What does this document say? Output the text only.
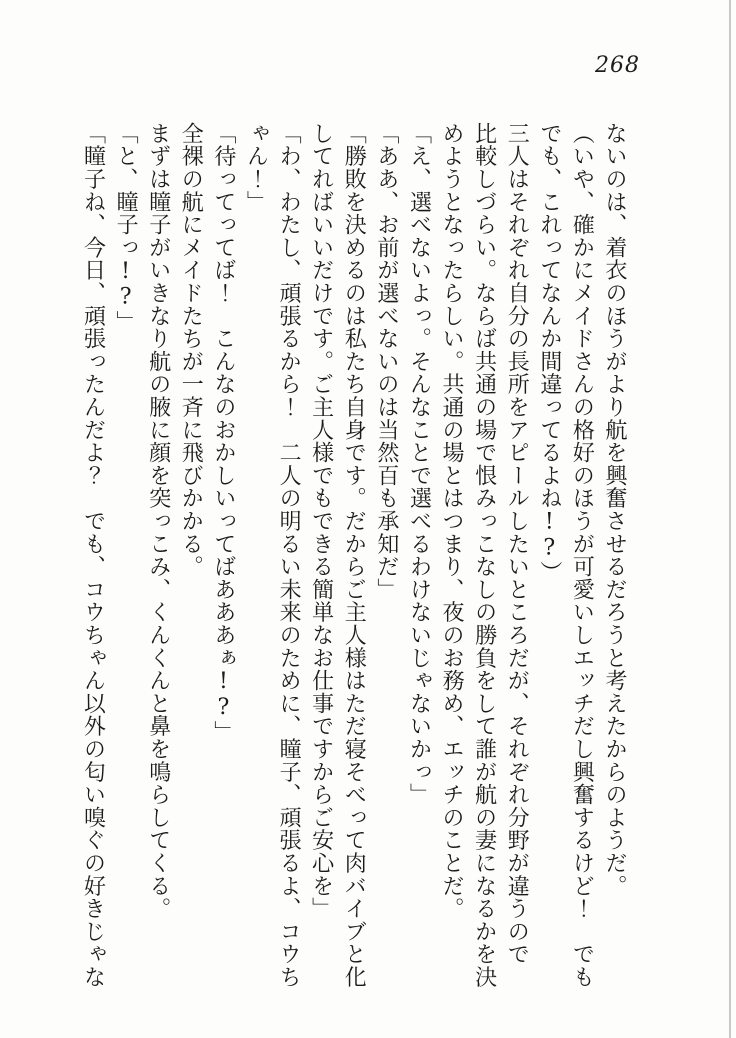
268
ないのは、着衣のほうがより航を興奮させるだろうと考えたからのようだ。
（いや、確かにメイドさんの格好のほうが可愛いしエッチだし興奮するけど！　でも
でも、これってなんか間違ってるよね!?）
三人はそれぞれ自分の長所をアピールしたいところだが、それぞれ分野が違うので
比較しづらい。ならば共通の場で恨みっこなしの勝負をして誰が航の妻になるかを決
めようとなったらしい。共通の場とはつまり、夜のお務め、エッチのことだ。
「え、選べないよっ。そんなことで選べるわけないじゃないかっ」
「ああ、お前が選べないのは当然百も承知だ」
「勝敗を決めるのは私たち自身です。だからご主人様はただ寝そべって肉バイブと化
してればいいだけです。ご主人様でもできる簡単なお仕事ですからご安心を」
「わ、わたし、頑張るから！　二人の明るい未来のために、瞳子、頑張るよ、コウち
ゃん！」
「待ってってば！　こんなのおかしいってばあああぁ!?」
全裸の航にメイドたちが一斉に飛びかかる。
まずは瞳子がいきなり航の腋に顔を突っこみ、くんくんと鼻を鳴らしてくる。
「と、瞳子っ!?」
「瞳子ね、今日、頑張ったんだよ？　でも、コウちゃん以外の匂い嗅ぐの好きじゃな
